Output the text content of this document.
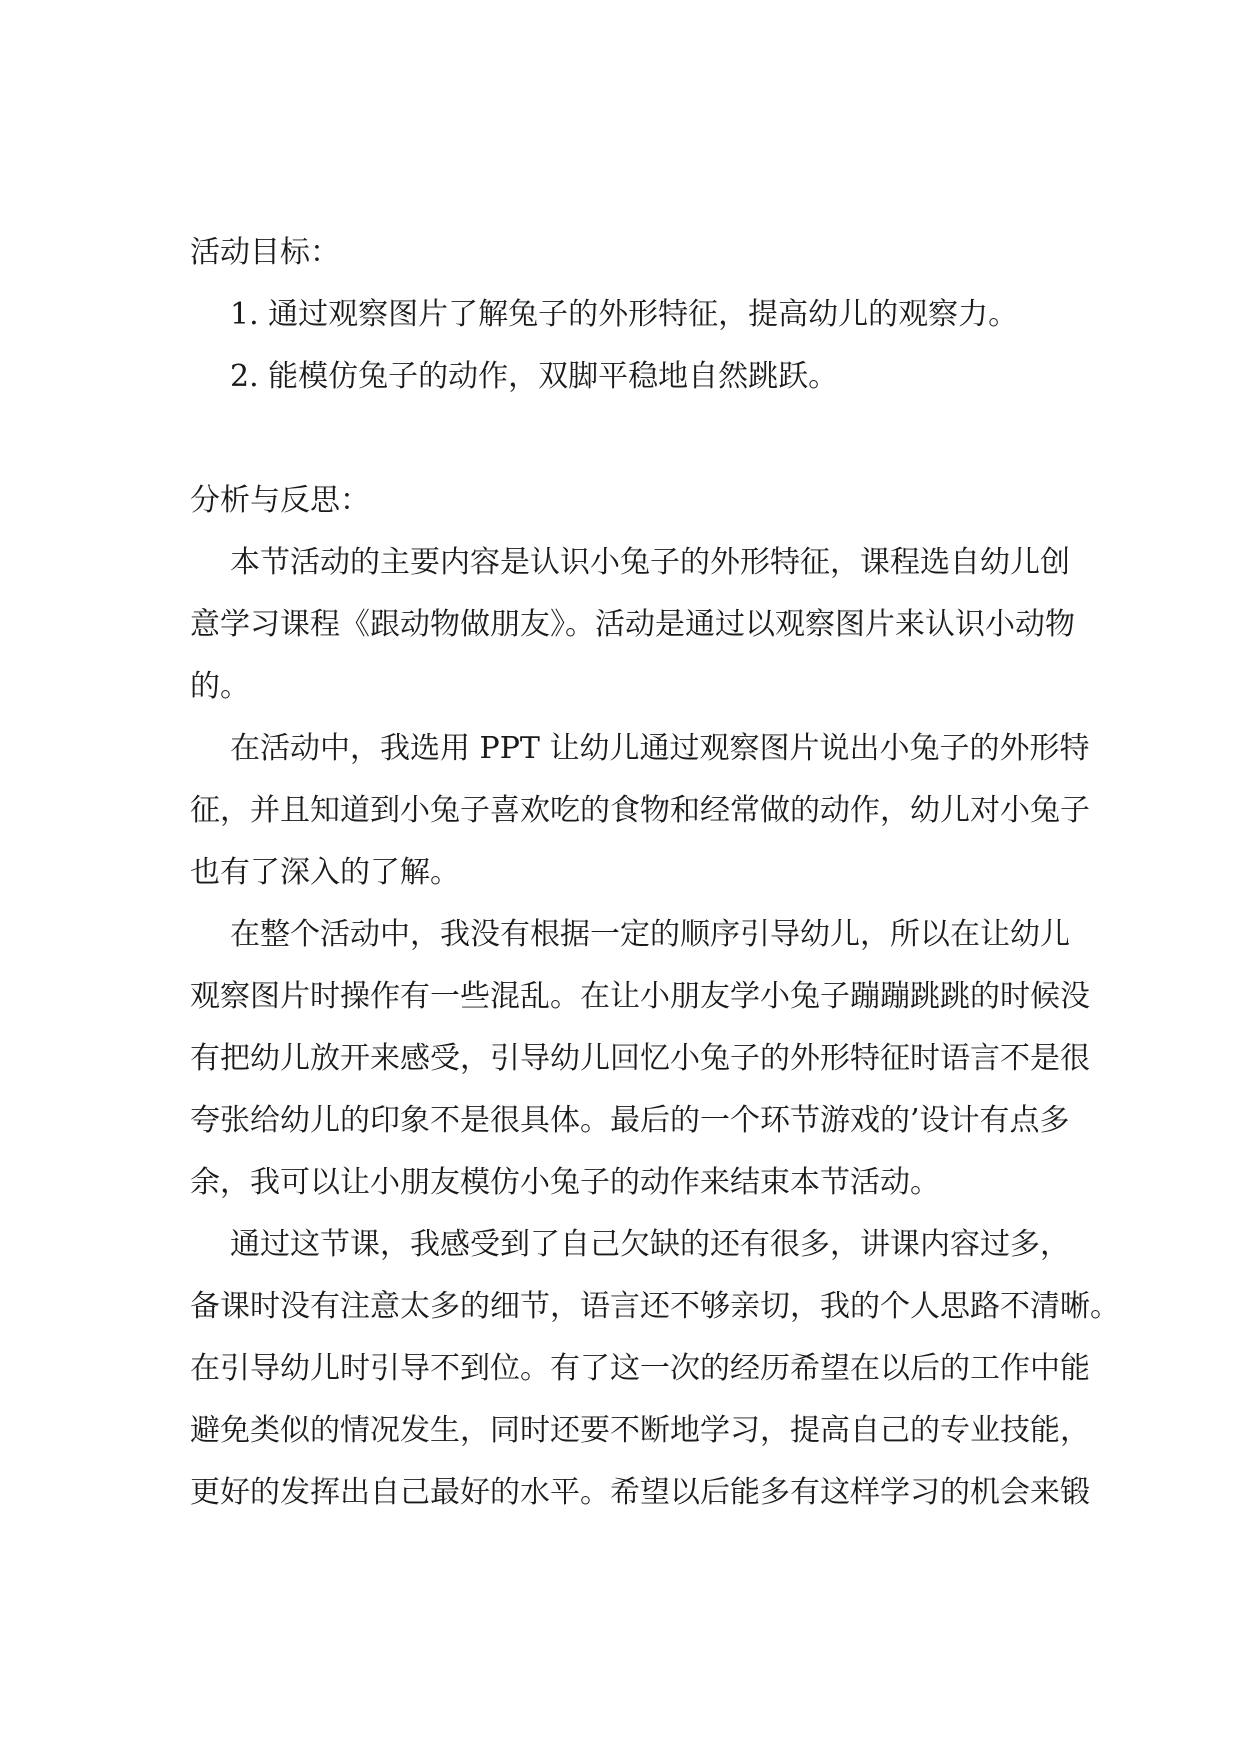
活动目标：

1. 通过观察图片了解兔子的外形特征，提高幼儿的观察力。

2. 能模仿兔子的动作，双脚平稳地自然跳跃。

分析与反思：

本节活动的主要内容是认识小兔子的外形特征，课程选自幼儿创
意学习课程《跟动物做朋友》。活动是通过以观察图片来认识小动物
的。
在活动中，我选用 PPT 让幼儿通过观察图片说出小兔子的外形特
征，并且知道到小兔子喜欢吃的食物和经常做的动作，幼儿对小兔子
也有了深入的了解。
在整个活动中，我没有根据一定的顺序引导幼儿，所以在让幼儿
观察图片时操作有一些混乱。在让小朋友学小兔子蹦蹦跳跳的时候没
有把幼儿放开来感受，引导幼儿回忆小兔子的外形特征时语言不是很
夸张给幼儿的印象不是很具体。最后的一个环节游戏的’设计有点多
余，我可以让小朋友模仿小兔子的动作来结束本节活动。
通过这节课，我感受到了自己欠缺的还有很多，讲课内容过多，
备课时没有注意太多的细节，语言还不够亲切，我的个人思路不清晰。
在引导幼儿时引导不到位。有了这一次的经历希望在以后的工作中能
避免类似的情况发生，同时还要不断地学习，提高自己的专业技能，
更好的发挥出自己最好的水平。希望以后能多有这样学习的机会来锻
